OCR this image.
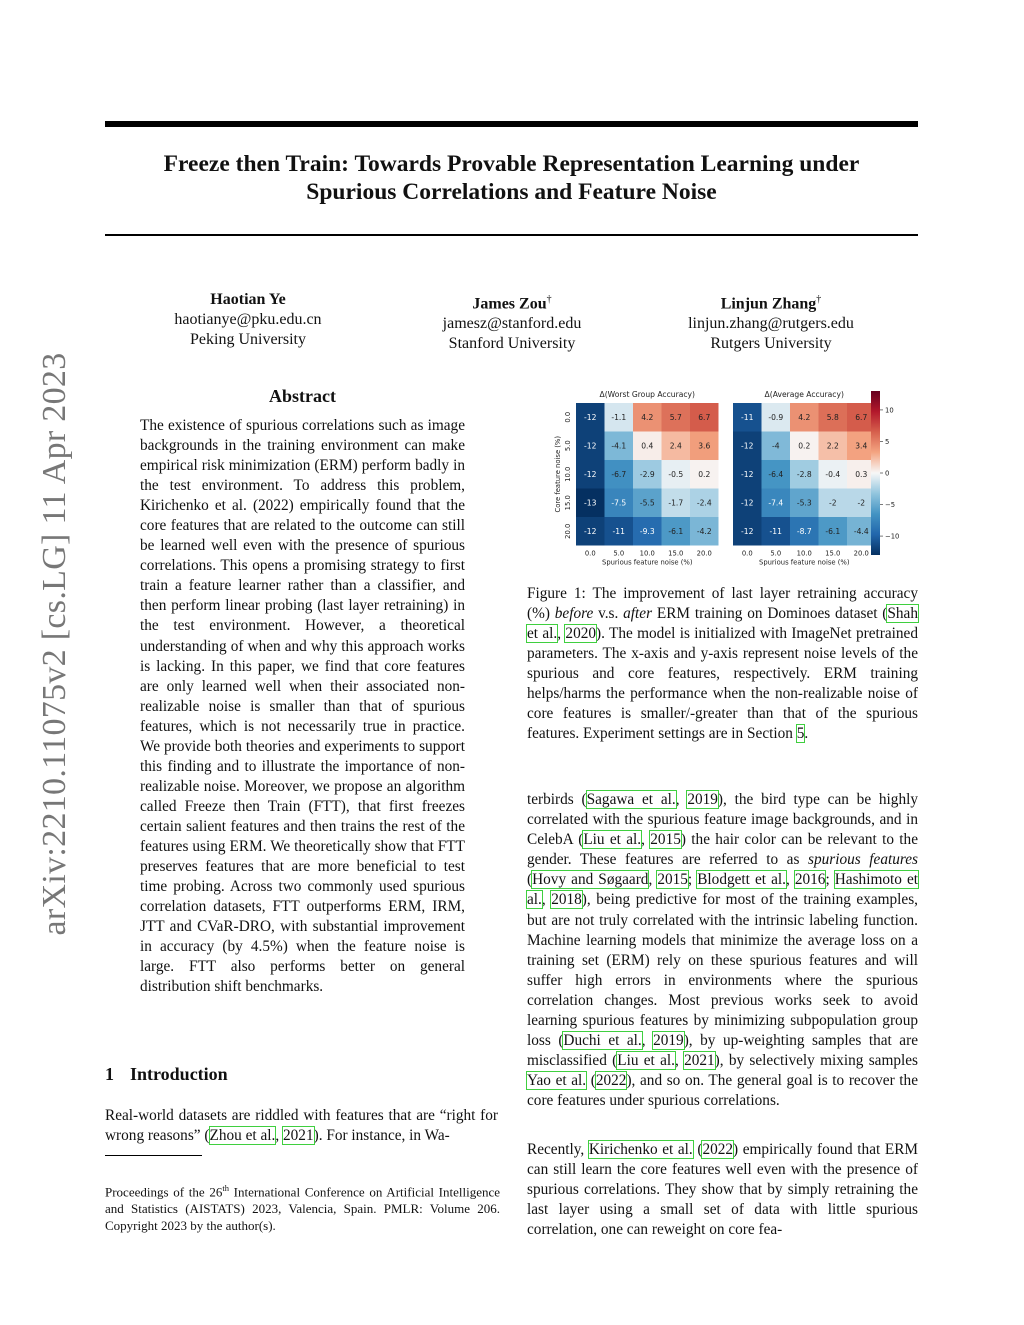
Freeze then Train: Towards Provable Representation Learning under
Spurious Correlations and Feature Noise
Haotian Ye
haotianye@pku.edu.cn
Peking University
James Zou†
jamesz@stanford.edu
Stanford University
Linjun Zhang†
linjun.zhang@rutgers.edu
Rutgers University
arXiv:2210.11075v2 [cs.LG] 11 Apr 2023	Abstract
The existence of spurious correlations such as image backgrounds in the training environment can make empirical risk minimization (ERM) perform badly in the test environment. To address this problem, Kirichenko et al. (2022) empirically found that the core features that are related to the outcome can still be learned well even with the presence of spurious correlations. This opens a promising strategy to first train a feature learner rather than a classifier, and then perform linear probing (last layer retraining) in the test environment. However, a theoretical understanding of when and why this approach works is lacking. In this paper, we find that core features are only learned well when their associated non-realizable noise is smaller than that of spurious features, which is not necessarily true in practice. We provide both theories and experiments to support this finding and to illustrate the importance of non-realizable noise. Moreover, we propose an algorithm called Freeze then Train (FTT), that first freezes certain salient features and then trains the rest of the features using ERM. We theoretically show that FTT preserves features that are more beneficial to test time probing. Across two commonly used spurious correlation datasets, FTT outperforms ERM, IRM, JTT and CVaR-DRO, with substantial improvement in accuracy (by 4.5%) when the feature noise is large. FTT also performs better on general distribution shift benchmarks.
1 Introduction
Real-world datasets are riddled with features that are “right for wrong reasons” (Zhou et al., 2021). For instance, in Wa-
Proceedings of the 26th International Conference on Artificial Intelligence and Statistics (AISTATS) 2023, Valencia, Spain. PMLR: Volume 206. Copyright 2023 by the author(s).
Δ(Worst Group Accuracy)
-12 -1.1 4.2 5.7 6.7
-12 -4.1 0.4 2.4 3.6
-12 -6.7 -2.9 -0.5 0.2
-13 -7.5 -5.5 -1.7 -2.4
-12 -11 -9.3 -6.1 -4.2
0.0	5.0 10.0 15.0 20.0
Spurious feature noise (%)
0.0
5.0
10.0
15.0
20.0
Core feature noise (%)
Δ(Average Accuracy)
-11 -0.9 4.2 5.8 6.7
-12 -4 0.2 2.2 3.4
-12 -6.4 -2.8 -0.4 0.3
-12 -7.4 -5.3 -2	-2
-12 -11 -8.7 -6.1 -4.4
0.0	5.0 10.0 15.0 20.0
Spurious feature noise (%)
10
5
0
−5
−10
Figure 1: The improvement of last layer retraining accuracy (%) before v.s. after ERM training on Dominoes dataset (Shah et al., 2020). The model is initialized with ImageNet pretrained parameters. The x-axis and y-axis represent noise levels of the spurious and core features, respectively. ERM training helps/harms the performance when the non-realizable noise of core features is smaller/-greater than that of the spurious features. Experiment settings are in Section 5.
terbirds (Sagawa et al., 2019), the bird type can be highly correlated with the spurious feature image backgrounds, and in CelebA (Liu et al., 2015) the hair color can be relevant to the gender. These features are referred to as spurious features (Hovy and Søgaard, 2015; Blodgett et al., 2016; Hashimoto et al., 2018), being predictive for most of the training examples, but are not truly correlated with the intrinsic labeling function. Machine learning models that minimize the average loss on a training set (ERM) rely on these spurious features and will suffer high errors in environments where the spurious correlation changes. Most previous works seek to avoid learning spurious features by minimizing subpopulation group loss (Duchi et al., 2019), by up-weighting samples that are misclassified (Liu et al., 2021), by selectively mixing samples Yao et al. (2022), and so on. The general goal is to recover the core features under spurious correlations.
Recently, Kirichenko et al. (2022) empirically found that ERM can still learn the core features well even with the presence of spurious correlations. They show that by simply retraining the last layer using a small set of data with little spurious correlation, one can reweight on core fea-
